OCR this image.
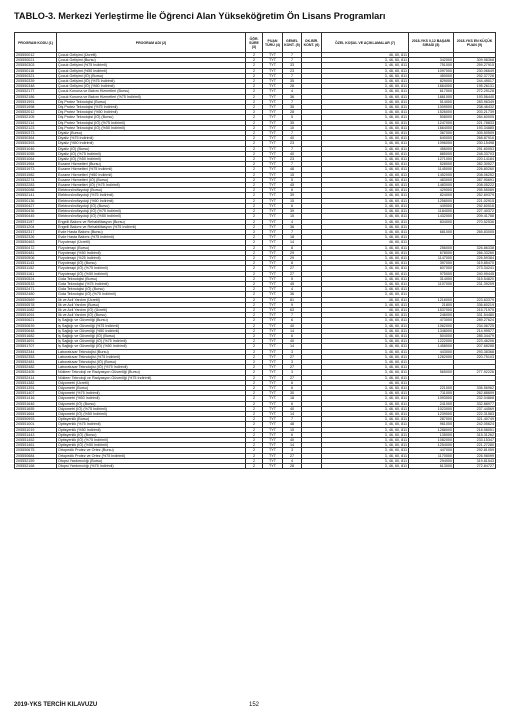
TABLO-3. Merkezi Yerleştirme İle Öğrenci Alan Yükseköğretim Ön Lisans Programları
PROGRAM KODU (1)	PROGRAM ADI (2)	ÖĞR. SÜRE (3)	PUAN TÜRÜ (4)	GENEL KONT. (5)	OK.BİR. KONT. (6)	ÖZEL KOŞUL VE AÇIKLAMALAR (7)	2018-YKS 0,12 BAŞARI SIRASI (8)	2018-YKS EN KÜÇÜK PUAN (9)
205550012	Çocuk Gelişimi (Ücretli)	2	TYT	7		46, 60, 811		
205550021	Çocuk Gelişimi (Bursu)	2	TYT	7		3, 46, 60, 811	342000	309.98368
205550303	Çocuk Gelişimi (%75 İndirimli)	2	TYT	33		3, 46, 60, 811	751000	259.27915
205550118	Çocuk Gelişimi (%50 İndirimli)	2	TYT	23		3, 46, 60, 811	1097000	230.06649
205550321	Çocuk Gelişimi (İÖ) (Bursu)	2	TYT	7		3, 46, 60, 811	450000	292.37726
205550339	Çocuk Gelişimi (İÖ) (%75 İndirimli)	2	TYT	35		3, 46, 60, 811	829000	244.49017
205550348	Çocuk Gelişimi (İÖ) (%50 İndirimli)	2	TYT	28		3, 46, 60, 811	1664000	195.26131
205552177	Çocuk Koruma ve Bakım Hizmetleri (Bursu)	2	TYT	4		3, 46, 60, 811	617000	272.29128
205552186	Çocuk Koruma ve Bakım Hizmetleri (%75 İndirimli)	2	TYT	36		3, 46, 60, 811	1661000	193.56440
205551991	Diş Protez Teknolojisi (Bursu)	2	TYT	7		3, 46, 60, 811	514000	283.96349
205551998	Diş Protez Teknolojisi (%75 İndirimli)	2	TYT	35		3, 46, 60, 811	1009000	238.46432
205552012	Diş Protez Teknolojisi (%50 İndirimli)	2	TYT	28		3, 46, 60, 811	1526000	203.21739
205552105	Diş Protez Teknolojisi (İÖ) (Bursu)	2	TYT	5		3, 46, 60, 811	508000	284.60005
205552114	Diş Protez Teknolojisi (İÖ) (%75 İndirimli)	2	TYT	35		3, 46, 60, 811	1247000	221.78833
205552123	Diş Protez Teknolojisi (İÖ) (%50 İndirimli)	2	TYT	10		3, 46, 60, 811	1664000	193.34885
205550373	Diyaliz (Bursu)	2	TYT	7		3, 46, 60, 811	367000	305.50509
205550364	Diyaliz (%75 İndirimli)	2	TYT	40		3, 46, 60, 811	640000	268.87916
205550393	Diyaliz (%50 İndirimli)	2	TYT	23		3, 46, 60, 811	1096000	230.15498
205551046	Diyaliz (İÖ) (Bursu)	2	TYT	7		3, 46, 60, 811	456000	291.60053
205551055	Diyaliz (İÖ) (%75 İndirimli)	2	TYT	40		3, 46, 60, 811	885000	248.33703
205551064	Diyaliz (İÖ) (%50 İndirimli)	2	TYT	23		3, 46, 60, 811	1271000	220.14184
205551964	Eczane Hizmetleri (Bursu)	2	TYT	7		3, 46, 60, 811	528000	282.30527
205551973	Eczane Hizmetleri (%75 İndirimli)	2	TYT	48		3, 46, 60, 811	1145000	226.80260
205551982	Eczane Hizmetleri (%50 İndirimli)	2	TYT	15		3, 46, 60, 811	1452000	208.06252
205552274	Eczane Hizmetleri (İÖ) (Bursu)	2	TYT	5		3, 46, 60, 811	483000	287.90691
205552283	Eczane Hizmetleri (İÖ) (%75 İndirimli)	2	TYT	45		3, 46, 60, 811	1483000	208.05222
205550088	Elektronörofizyoloji (Bursu)	2	TYT	6		3, 46, 60, 811	429000	295.55089
205552141	Elektronörofizyoloji (%75 İndirimli)	2	TYT	39		3, 46, 60, 811	824000	252.69379
205550136	Elektronörofizyoloji (%50 İndirimli)	2	TYT	15		3, 46, 60, 811	1258000	221.02915
205550427	Elektronörofizyoloji (İÖ) (Bursu)	2	TYT	6		3, 46, 60, 811	449000	292.60016
205550436	Elektronörofizyoloji (İÖ) (%75 İndirimli)	2	TYT	39		3, 46, 60, 811	1184000	227.40372
205550445	Elektronörofizyoloji (İÖ) (%50 İndirimli)	2	TYT	15		3, 46, 60, 811	1432000	209.41788
205551197	Engelli Bakımı ve Rehabilitasyon (Bursu)	2	TYT	4		3, 46, 60, 811	834000	270.52536
205551204	Engelli Bakımı ve Rehabilitasyon (%75 İndirimli)	2	TYT	36		3, 46, 60, 811		
205552317	Evde Hasta Bakımı (Bursu)	2	TYT	7		3, 46, 60, 811	681000	265.83005
205552326	Evde Hasta Bakımı (%75 İndirimli)	2	TYT	18		3, 46, 60, 811		
205550463	Fizyoterapi (Ücretli)	2	TYT	14		46, 60, 811		
205550472	Fizyoterapi (Bursu)	2	TYT	8		3, 46, 60, 811	256000	326.86338
205550481	Fizyoterapi (%50 İndirimli)	2	TYT	29		3, 46, 60, 811	678000	266.33260
205550506	Fizyoterapi (%25 İndirimli)	2	TYT	29		3, 46, 60, 811	1147000	226.59384
205551143	Fizyoterapi (İÖ) (Bursu)	2	TYT	8		3, 46, 60, 811	397000	319.85470
205551152	Fizyoterapi (İÖ) (%75 İndirimli)	2	TYT	27		3, 46, 60, 811	607000	273.34241
205551161	Fizyoterapi (İÖ) (%50 İndirimli)	2	TYT	27		3, 46, 60, 811	975000	240.99445
205550524	Gıda Teknolojisi (Bursu)	2	TYT	5		3, 46, 60, 811	314000	315.54820
205550533	Gıda Teknolojisi (%75 İndirimli)	2	TYT	45		3, 46, 60, 811	1107000	231.39209
205552471	Gıda Teknolojisi (İÖ) (Bursu)	2	TYT	4		3, 46, 60, 811		
205552480	Gıda Teknolojisi (İÖ) (%75 İndirimli)	2	TYT	36		3, 46, 60, 811		
205550569	İlk ve Acil Yardım (Ücretli)	2	TYT	81		46, 60, 811	1216000	223.63379
205550578	İlk ve Acil Yardım (Bursu)	2	TYT	9		3, 46, 60, 811	21800	336.60219
205551082	İlk ve Acil Yardım (İÖ) (Ücretli)	2	TYT	63		46, 60, 811	1537000	215.71975
205551091	İlk ve Acil Yardım (İÖ) (Bursu)	2	TYT	7		3, 46, 60, 811	246000	331.54480
205550621	İş Sağlığı ve Güvenliği (Bursu)	2	TYT	6		3, 46, 60, 811	473000	289.27624
205550639	İş Sağlığı ve Güvenliği (%75 İndirimli)	2	TYT	40		3, 46, 60, 811	1062000	234.06725
205550648	İş Sağlığı ve Güvenliği (%50 İndirimli)	2	TYT	14		3, 46, 60, 811	1348000	214.99577
205551682	İş Sağlığı ve Güvenliği (İÖ) (Bursu)	2	TYT	6		3, 46, 60, 811	504000	285.34479
205551691	İş Sağlığı ve Güvenliği (İÖ) (%75 İndirimli)	2	TYT	40		3, 46, 60, 811	1222000	223.46206
205551707	İş Sağlığı ve Güvenliği (İÖ) (%50 İndirimli)	2	TYT	14		3, 46, 60, 811	1458000	207.68288
205552344	Laboratuvar Teknolojisi (Bursu)	2	TYT	3		3, 46, 60, 811	443000	293.38368
205552353	Laboratuvar Teknolojisi (%75 İndirimli)	2	TYT	27		3, 46, 60, 811	1262000	220.75103
205552481	Laboratuvar Teknolojisi (İÖ) (Bursu)	2	TYT	3		3, 46, 60, 811		
205552482	Laboratuvar Teknolojisi (İÖ) (%75 İndirimli)	2	TYT	27		3, 46, 60, 811		
205552405	Nükleer Teknoloji ve Radyasyon Güvenliği (Bursu)	2	TYT	3		3, 46, 60, 811	565000	277.92226
205552414	Nükleer Teknoloji ve Radyasyon Güvenliği (%75 İndirimli)	2	TYT	27		3, 46, 60, 811		
205551382	Odyometri (Ücretli)	2	TYT	6		46, 60, 811		
205551391	Odyometri (Bursu)	2	TYT	6		3, 46, 60, 811	221000	336.56962
205551407	Odyometri (%75 İndirimli)	2	TYT	30		3, 46, 60, 811	711000	262.88609
205551416	Odyometri (%50 İndirimli)	2	TYT	18		3, 46, 60, 811	1093000	232.04868
205551646	Odyometri (İÖ) (Bursu)	2	TYT	6		3, 46, 60, 811	241000	332.88977
205551655	Odyometri (İÖ) (%75 İndirimli)	2	TYT	40		3, 46, 60, 811	1023000	237.44569
205551664	Odyometri (İÖ) (%50 İndirimli)	2	TYT	14		3, 46, 60, 811	1239000	222.31583
205550993	Optisyenlik (Bursu)	2	TYT	7		3, 46, 60, 811	287000	321.40749
205551001	Optisyenlik (%75 İndirimli)	2	TYT	48		3, 46, 60, 811	961000	242.05624
205551019	Optisyenlik (%50 İndirimli)	2	TYT	15		3, 46, 60, 811	1288000	218.98051
205551443	Optisyenlik (İÖ) (Bursu)	2	TYT	6		3, 46, 60, 811	135000	315.31262
205551452	Optisyenlik (İÖ) (%75 İndirimli)	2	TYT	40		3, 46, 60, 811	1082000	233.15347
205551461	Optisyenlik (İÖ) (%50 İndirimli)	2	TYT	14		3, 46, 60, 811	1254000	221.27280
205550675	Ortopedik Protez ve Ortez (Bursu)	2	TYT	3		3, 46, 60, 811	447000	292.81059
205550684	Ortopedik Protez ve Ortez (%75 İndirimli)	2	TYT	27		3, 46, 60, 811	1170000	226.98099
205552159	Otopsi Yardımcılığı (Bursu)	2	TYT	4		3, 46, 60, 811	294000	319.81543
205552168	Otopsi Yardımcılığı (%75 İndirimli)	2	TYT	28		3, 46, 60, 811	613000	272.84727
2019-YKS TERCİH KILAVUZU	152
